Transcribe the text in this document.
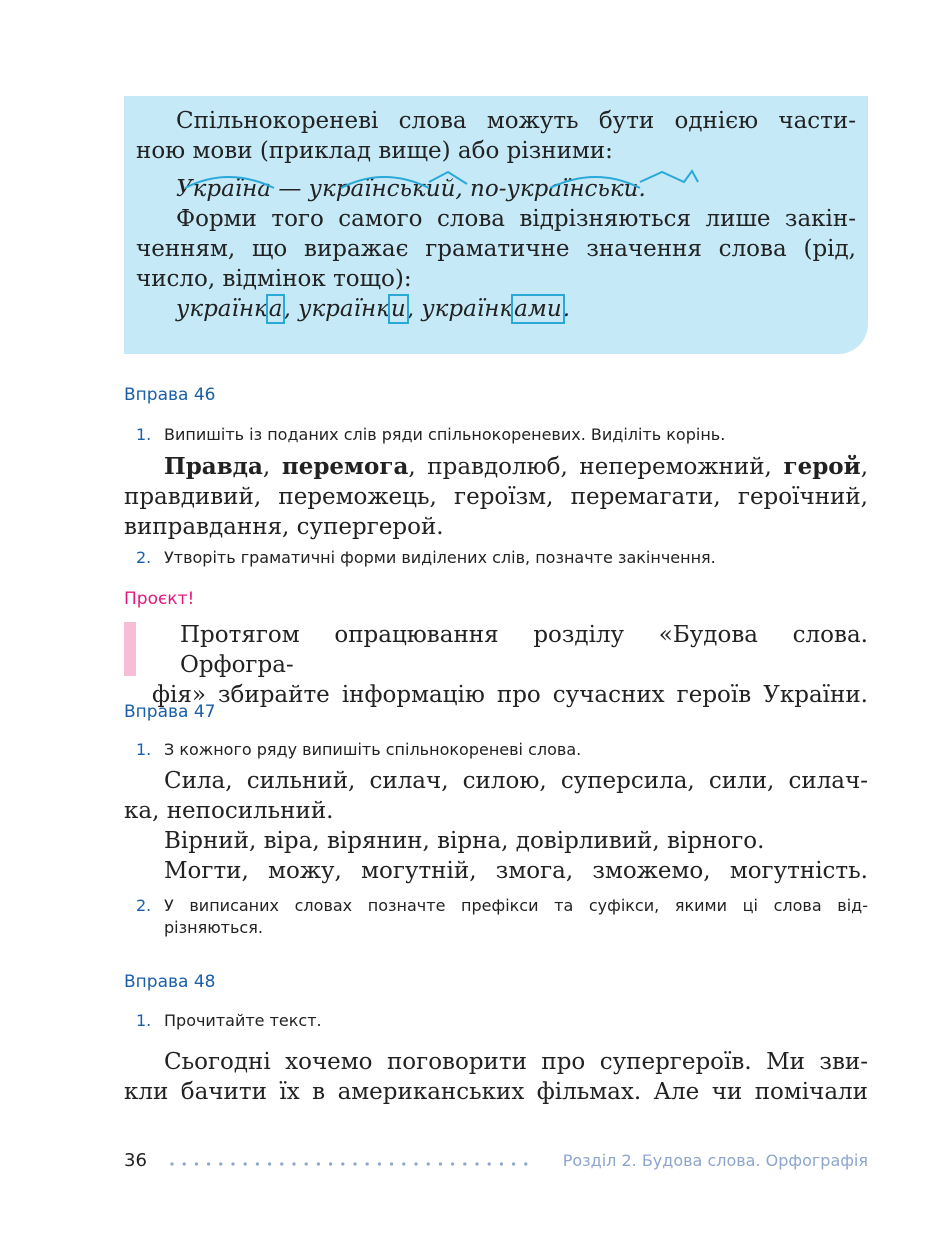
Спільнокореневі слова можуть бути однією части-
ною мови (приклад вище) або різними:
Україна — український, по-українськи.
Форми того самого слова відрізняються лише закін-
ченням, що виражає граматичне значення слова (рід,
число, відмінок тощо):
українка, українки, українками.
Вправа 46
1. Випишіть із поданих слів ряди спільнокореневих. Виділіть корінь.
Правда, перемога, правдолюб, непереможний, герой,
правдивий, переможець, героїзм, перемагати, героїчний,
виправдання, супергерой.
2. Утворіть граматичні форми виділених слів, позначте закінчення.
Проєкт!
Протягом опрацювання розділу «Будова слова. Орфогра-
фія» збирайте інформацію про сучасних героїв України.
Вправа 47
1. З кожного ряду випишіть спільнокореневі слова.
Сила, сильний, силач, силою, суперсила, сили, силач-
ка, непосильний.
Вірний, віра, вірянин, вірна, довірливий, вірного.
Могти, можу, могутній, змога, зможемо, могутність.
2. У виписаних словах позначте префікси та суфікси, якими ці слова від-
різняються.
Вправа 48
1. Прочитайте текст.
Сьогодні хочемо поговорити про супергероїв. Ми зви-
кли бачити їх в американських фільмах. Але чи помічали
36	Розділ 2. Будова слова. Орфографія
